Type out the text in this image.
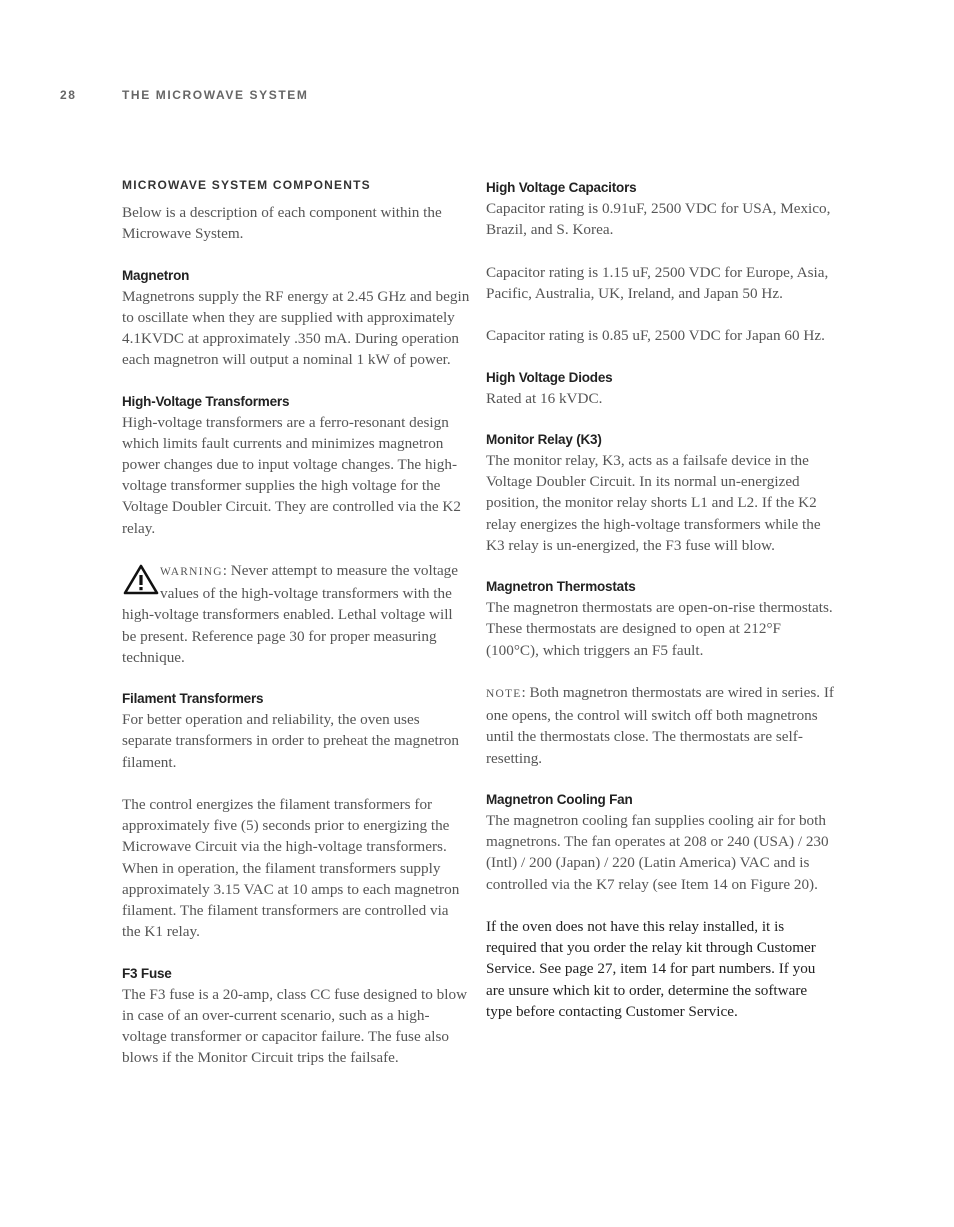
28	THE MICROWAVE SYSTEM
MICROWAVE SYSTEM COMPONENTS

Below is a description of each component within the Microwave System.

Magnetron

Magnetrons supply the RF energy at 2.45 GHz and begin to oscillate when they are supplied with approximately 4.1KVDC at approximately .350 mA. During operation each magnetron will output a nominal 1 kW of power.

High-Voltage Transformers

High-voltage transformers are a ferro-resonant design which limits fault currents and minimizes magnetron power changes due to input voltage changes. The high-voltage transformer supplies the high voltage for the Voltage Doubler Circuit. They are controlled via the K2 relay.

WARNING: Never attempt to measure the voltage values of the high-voltage transformers with the high-voltage transformers enabled. Lethal voltage will be present. Reference page 30 for proper measuring technique.
Filament Transformers

For better operation and reliability, the oven uses separate transformers in order to preheat the magnetron filament.

The control energizes the filament transformers for approximately five (5) seconds prior to energizing the Microwave Circuit via the high-voltage transformers. When in operation, the filament transformers supply approximately 3.15 VAC at 10 amps to each magnetron filament. The filament transformers are controlled via the K1 relay.

F3 Fuse

The F3 fuse is a 20-amp, class CC fuse designed to blow in case of an over-current scenario, such as a high-voltage transformer or capacitor failure. The fuse also blows if the Monitor Circuit trips the failsafe.

High Voltage Capacitors

Capacitor rating is 0.91uF, 2500 VDC for USA, Mexico, Brazil, and S. Korea.

Capacitor rating is 1.15 uF, 2500 VDC for Europe, Asia, Pacific, Australia, UK, Ireland, and Japan 50 Hz.

Capacitor rating is 0.85 uF, 2500 VDC for Japan 60 Hz.

High Voltage Diodes

Rated at 16 kVDC.

Monitor Relay (K3)

The monitor relay, K3, acts as a failsafe device in the Voltage Doubler Circuit. In its normal un-energized position, the monitor relay shorts L1 and L2. If the K2 relay energizes the high-voltage transformers while the K3 relay is un-energized, the F3 fuse will blow.

Magnetron Thermostats

The magnetron thermostats are open-on-rise thermostats. These thermostats are designed to open at 212°F (100°C), which triggers an F5 fault.

NOTE: Both magnetron thermostats are wired in series. If one opens, the control will switch off both magnetrons until the thermostats close. The thermostats are self-resetting.

Magnetron Cooling Fan

The magnetron cooling fan supplies cooling air for both magnetrons. The fan operates at 208 or 240 (USA) / 230 (Intl) / 200 (Japan) / 220 (Latin America) VAC and is controlled via the K7 relay (see Item 14 on Figure 20).

If the oven does not have this relay installed, it is required that you order the relay kit through Customer Service. See page 27, item 14 for part numbers. If you are unsure which kit to order, determine the software type before contacting Customer Service.
